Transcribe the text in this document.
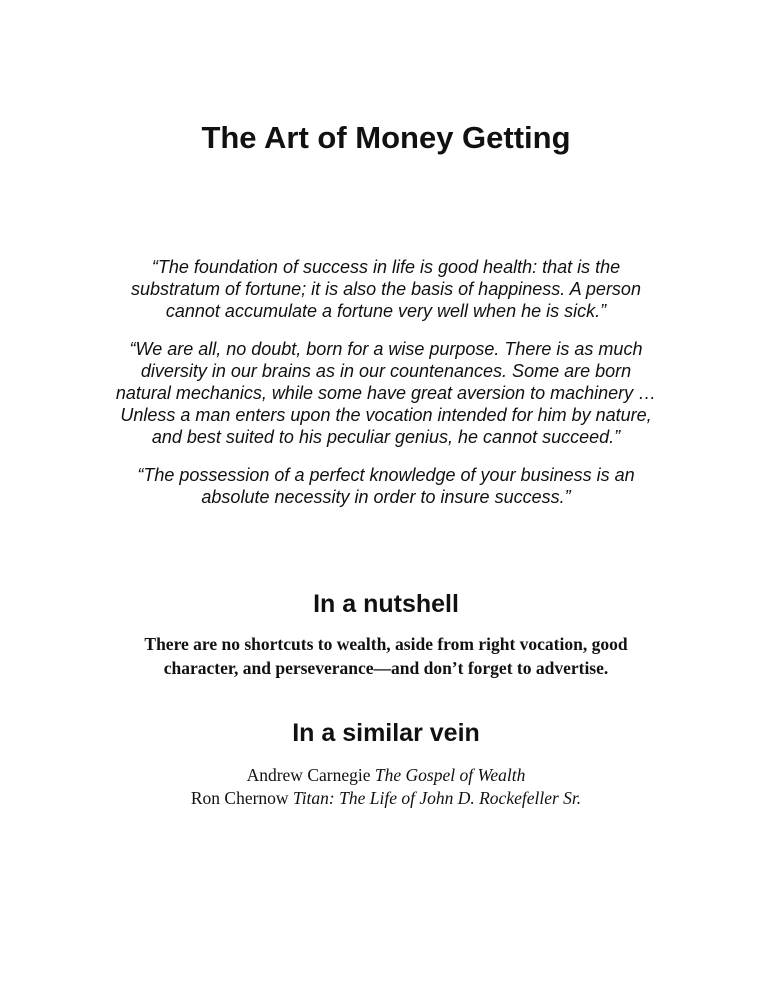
The Art of Money Getting

“The foundation of success in life is good health: that is the
substratum of fortune; it is also the basis of happiness. A person
cannot accumulate a fortune very well when he is sick.”

“We are all, no doubt, born for a wise purpose. There is as much
diversity in our brains as in our countenances. Some are born
natural mechanics, while some have great aversion to machinery …
Unless a man enters upon the vocation intended for him by nature,
and best suited to his peculiar genius, he cannot succeed.”

“The possession of a perfect knowledge of your business is an
absolute necessity in order to insure success.”

In a nutshell
There are no shortcuts to wealth, aside from right vocation, good
character, and perseverance—and don’t forget to advertise.
In a similar vein
Andrew Carnegie The Gospel of Wealth
Ron Chernow Titan: The Life of John D. Rockefeller Sr.
